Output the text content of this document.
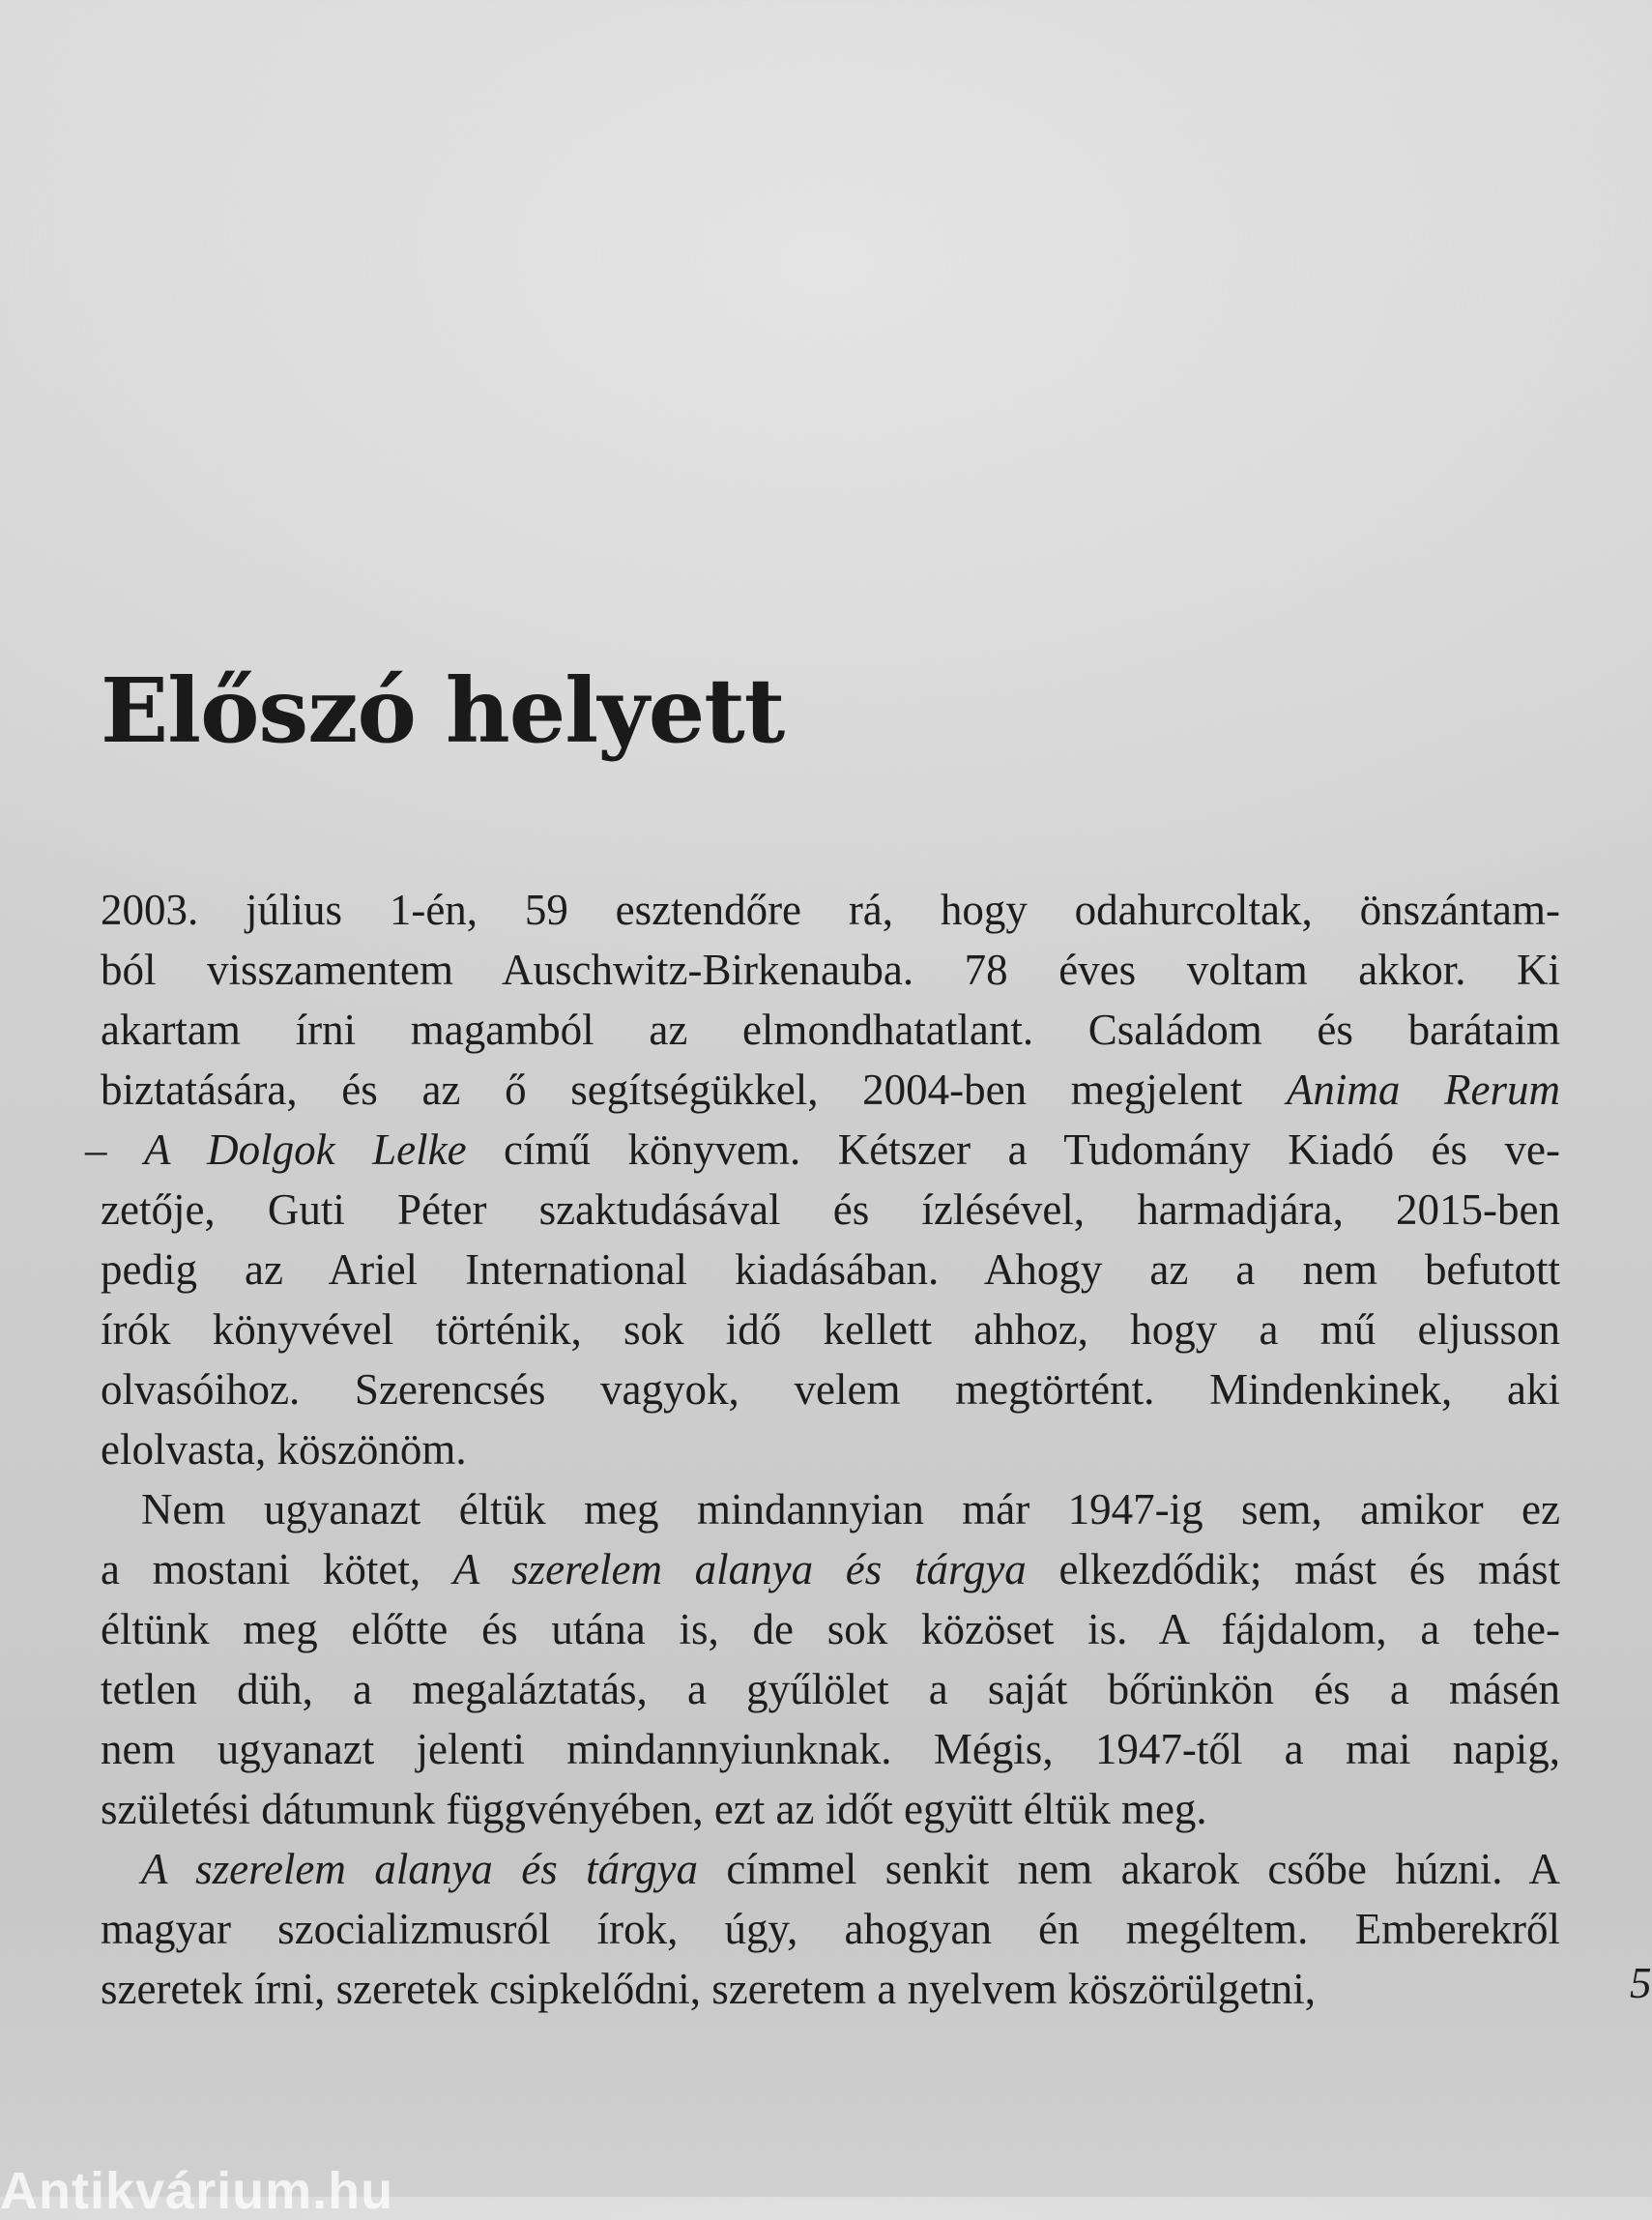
Előszó helyett

2003. július 1-én, 59 esztendőre rá, hogy odahurcoltak, önszántam-
ból visszamentem Auschwitz-Birkenauba. 78 éves voltam akkor. Ki
akartam írni magamból az elmondhatatlant. Családom és barátaim
biztatására, és az ő segítségükkel, 2004-ben megjelent Anima Rerum
– A Dolgok Lelke című könyvem. Kétszer a Tudomány Kiadó és ve-
zetője, Guti Péter szaktudásával és ízlésével, harmadjára, 2015-ben
pedig az Ariel International kiadásában. Ahogy az a nem befutott
írók könyvével történik, sok idő kellett ahhoz, hogy a mű eljusson
olvasóihoz. Szerencsés vagyok, velem megtörtént. Mindenkinek, aki
elolvasta, köszönöm.

Nem ugyanazt éltük meg mindannyian már 1947-ig sem, amikor ez
a mostani kötet, A szerelem alanya és tárgya elkezdődik; mást és mást
éltünk meg előtte és utána is, de sok közöset is. A fájdalom, a tehe-
tetlen düh, a megaláztatás, a gyűlölet a saját bőrünkön és a másén
nem ugyanazt jelenti mindannyiunknak. Mégis, 1947-től a mai napig,
születési dátumunk függvényében, ezt az időt együtt éltük meg.

A szerelem alanya és tárgya címmel senkit nem akarok csőbe húzni. A
magyar szocializmusról írok, úgy, ahogyan én megéltem. Emberekről
szeretek írni, szeretek csipkelődni, szeretem a nyelvem köszörülgetni,	5
Antikvárium.hu
